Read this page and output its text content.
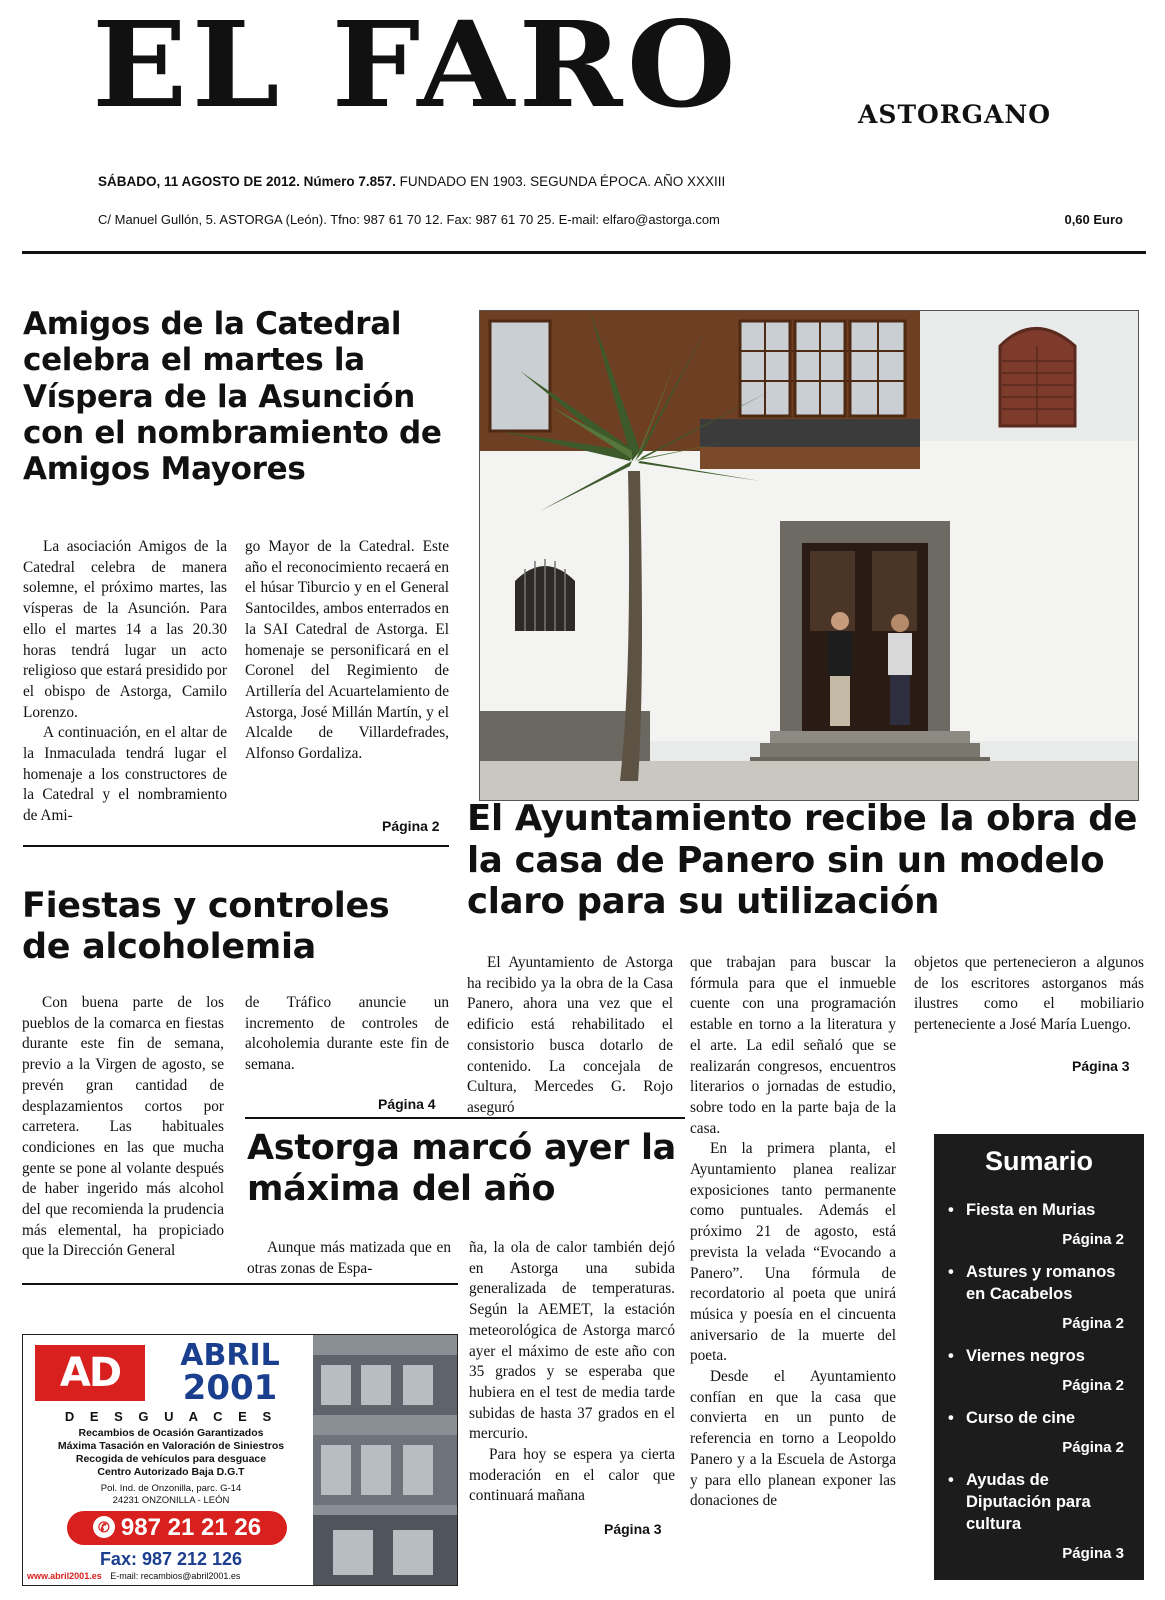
EL FARO	ASTORGANO
SÁBADO, 11 AGOSTO DE 2012. Número 7.857. FUNDADO EN 1903. SEGUNDA ÉPOCA. AÑO XXXIII
C/ Manuel Gullón, 5. ASTORGA (León). Tfno: 987 61 70 12. Fax: 987 61 70 25. E-mail: elfaro@astorga.com	0,60 Euro
Amigos de la Catedral celebra el martes la Víspera de la Asunción con el nombramiento de Amigos Mayores

La asociación Amigos de la Catedral celebra de manera solemne, el próximo martes, las vísperas de la Asunción. Para ello el martes 14 a las 20.30 horas tendrá lugar un acto religioso que estará presidido por el obispo de Astorga, Camilo Lorenzo.

A continuación, en el altar de la Inmaculada tendrá lugar el homenaje a los constructores de la Catedral y el nombramiento de Ami-

go Mayor de la Catedral. Este año el reconocimiento recaerá en el húsar Tiburcio y en el General Santocildes, ambos enterrados en la SAI Catedral de Astorga. El homenaje se personificará en el Coronel del Regimiento de Artillería del Acuartelamiento de Astorga, José Millán Martín, y el Alcalde de Villardefrades, Alfonso Gordaliza.

Página 2
Fiestas y controles de alcoholemia

Con buena parte de los pueblos de la comarca en fiestas durante este fin de semana, previo a la Virgen de agosto, se prevén gran cantidad de desplazamientos cortos por carretera. Las habituales condiciones en las que mucha gente se pone al volante después de haber ingerido más alcohol del que recomienda la prudencia más elemental, ha propiciado que la Dirección General

de Tráfico anuncie un incremento de controles de alcoholemia durante este fin de semana.

Página 4
Astorga marcó ayer la máxima del año

Aunque más matizada que en otras zonas de Espa-

ña, la ola de calor también dejó en Astorga una subida generalizada de temperaturas. Según la AEMET, la estación meteorológica de Astorga marcó ayer el máximo de este año con 35 grados y se esperaba que hubiera en el test de media tarde subidas de hasta 37 grados en el mercurio.

Para hoy se espera ya cierta moderación en el calor que continuará mañana

Página 3
El Ayuntamiento recibe la obra de la casa de Panero sin un modelo claro para su utilización

El Ayuntamiento de Astorga ha recibido ya la obra de la Casa Panero, ahora una vez que el edificio está rehabilitado el consistorio busca dotarlo de contenido. La concejala de Cultura, Mercedes G. Rojo aseguró

que trabajan para buscar la fórmula para que el inmueble cuente con una programación estable en torno a la literatura y el arte. La edil señaló que se realizarán congresos, encuentros literarios o jornadas de estudio, sobre todo en la parte baja de la casa.

En la primera planta, el Ayuntamiento planea realizar exposiciones tanto permanente como puntuales. Además el próximo 21 de agosto, está prevista la velada “Evocando a Panero”. Una fórmula de recordatorio al poeta que unirá música y poesía en el cincuenta aniversario de la muerte del poeta.

Desde el Ayuntamiento confían en que la casa que convierta en un punto de referencia en torno a Leopoldo Panero y a la Escuela de Astorga y para ello planean exponer las donaciones de

objetos que pertenecieron a algunos de los escritores astorganos más ilustres como el mobiliario perteneciente a José María Luengo.

Página 3
Sumario
• Fiesta en Murias
Página 2
• Astures y romanos en Cacabelos
Página 2
• Viernes negros
Página 2
• Curso de cine
Página 2
• Ayudas de Diputación para cultura
Página 3
AD	ABRIL
2001
D E S G U A C E S
Recambios de Ocasión Garantizados
Máxima Tasación en Valoración de Siniestros
Recogida de vehículos para desguace
Centro Autorizado Baja D.G.T
Pol. Ind. de Onzonilla, parc. G-14
24231 ONZONILLA - LEÓN
✆ 987 21 21 26
Fax: 987 212 126
www.abril2001.es E-mail: recambios@abril2001.es
